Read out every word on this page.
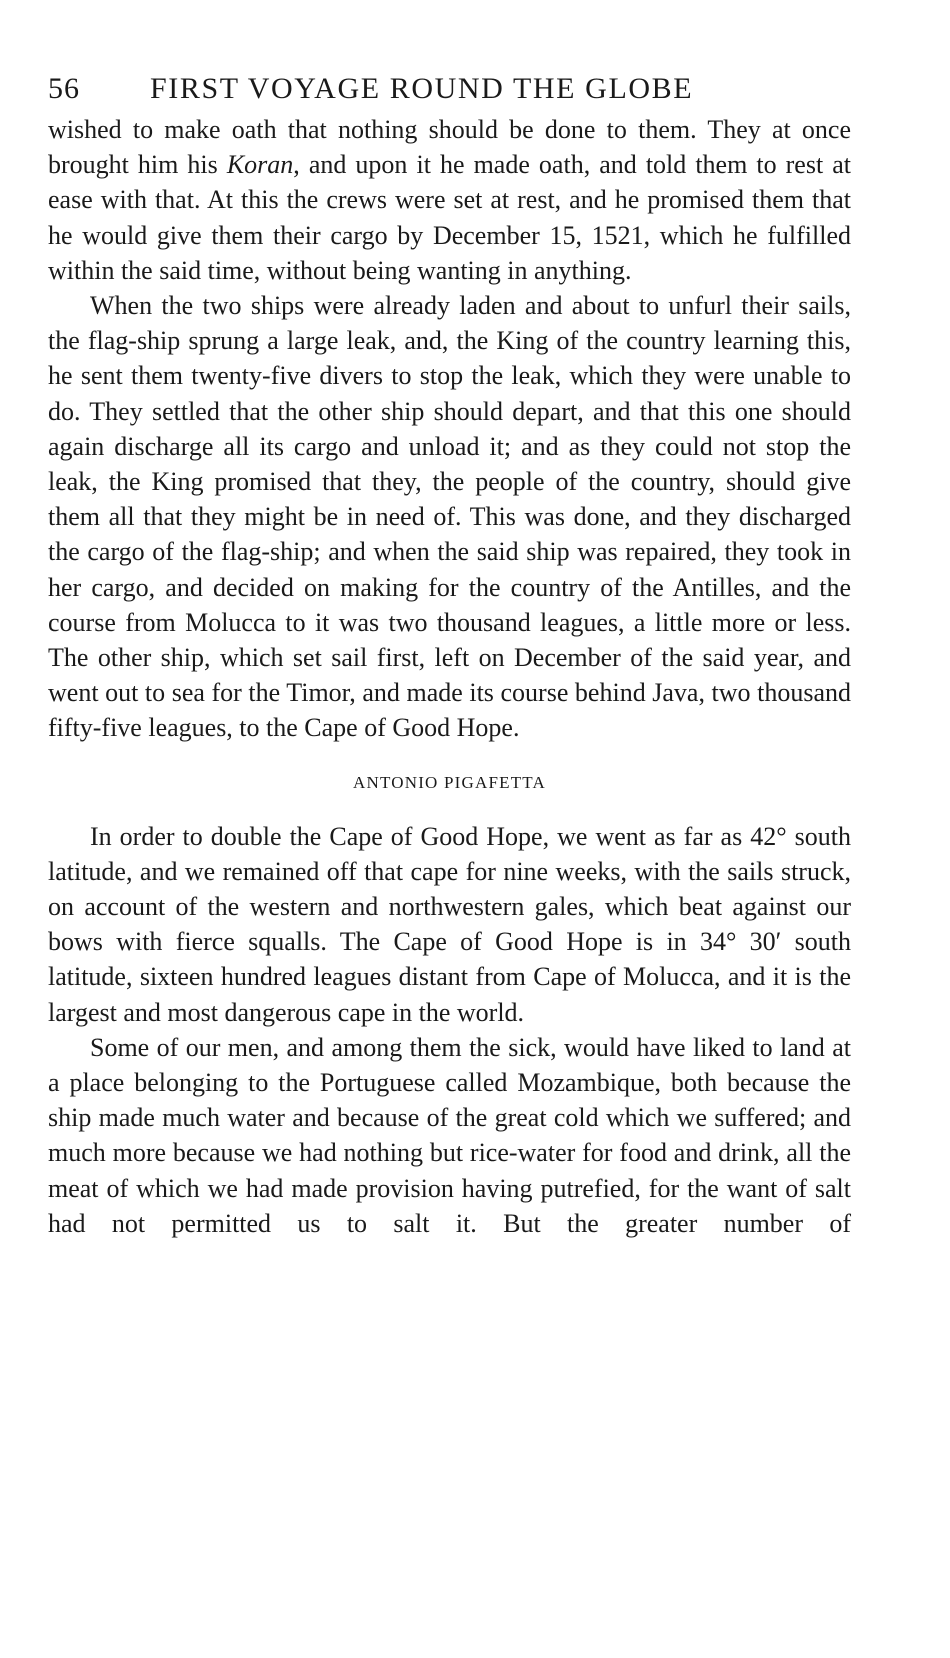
56 FIRST VOYAGE ROUND THE GLOBE

wished to make oath that nothing should be done to them. They at once brought him his Koran, and upon it he made oath, and told them to rest at ease with that. At this the crews were set at rest, and he promised them that he would give them their cargo by December 15, 1521, which he fulfilled within the said time, without being wanting in anything.

When the two ships were already laden and about to unfurl their sails, the flag-ship sprung a large leak, and, the King of the country learning this, he sent them twenty-five divers to stop the leak, which they were unable to do. They settled that the other ship should depart, and that this one should again discharge all its cargo and unload it; and as they could not stop the leak, the King promised that they, the people of the country, should give them all that they might be in need of. This was done, and they discharged the cargo of the flag-ship; and when the said ship was repaired, they took in her cargo, and decided on making for the country of the Antilles, and the course from Molucca to it was two thousand leagues, a little more or less. The other ship, which set sail first, left on December of the said year, and went out to sea for the Timor, and made its course behind Java, two thousand fifty-five leagues, to the Cape of Good Hope.

ANTONIO PIGAFETTA

In order to double the Cape of Good Hope, we went as far as 42° south latitude, and we remained off that cape for nine weeks, with the sails struck, on account of the western and northwestern gales, which beat against our bows with fierce squalls. The Cape of Good Hope is in 34° 30′ south latitude, sixteen hundred leagues distant from Cape of Molucca, and it is the largest and most dangerous cape in the world.

Some of our men, and among them the sick, would have liked to land at a place belonging to the Portuguese called Mozambique, both because the ship made much water and because of the great cold which we suffered; and much more because we had nothing but rice-water for food and drink, all the meat of which we had made provision having putrefied, for the want of salt had not permitted us to salt it. But the greater number of
